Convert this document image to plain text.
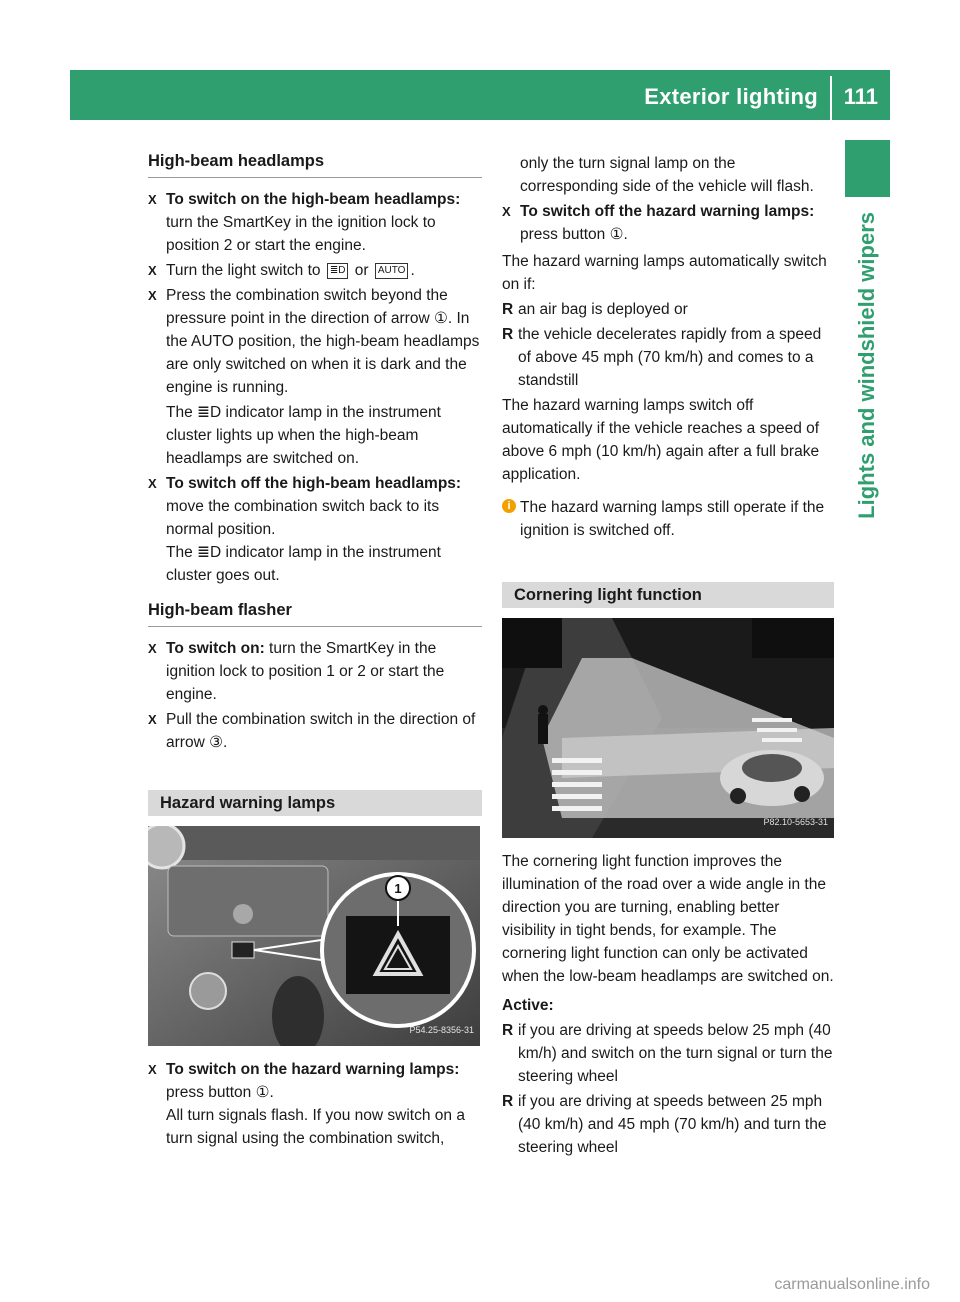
Exterior lighting 111
Lights and windshield wipers
High-beam headlamps
X To switch on the high-beam headlamps: turn the SmartKey in the ignition lock to position 2 or start the engine.
X Turn the light switch to ≣D or AUTO .
X Press the combination switch beyond the pressure point in the direction of arrow ①. In the AUTO position, the high-beam headlamps are only switched on when it is dark and the engine is running.

The ≣D indicator lamp in the instrument cluster lights up when the high-beam headlamps are switched on.

X To switch off the high-beam headlamps: move the combination switch back to its normal position.

The ≣D indicator lamp in the instrument cluster goes out.

High-beam flasher
X To switch on: turn the SmartKey in the ignition lock to position 1 or 2 or start the engine.
X Pull the combination switch in the direction of arrow ③.
Hazard warning lamps
1
P54.25-8356-31
X To switch on the hazard warning lamps:

press button ①.

All turn signals flash. If you now switch on a turn signal using the combination switch,

only the turn signal lamp on the corresponding side of the vehicle will flash.

X To switch off the hazard warning lamps:

press button ①.

The hazard warning lamps automatically switch on if:

R an air bag is deployed or
R the vehicle decelerates rapidly from a speed of above 45 mph (70 km/h) and comes to a standstill

The hazard warning lamps switch off automatically if the vehicle reaches a speed of above 6 mph (10 km/h) again after a full brake application.

i The hazard warning lamps still operate if the ignition is switched off.
Cornering light function
P82.10-5653-31

The cornering light function improves the illumination of the road over a wide angle in the direction you are turning, enabling better visibility in tight bends, for example. The cornering light function can only be activated when the low-beam headlamps are switched on.

Active:

R if you are driving at speeds below 25 mph (40 km/h) and switch on the turn signal or turn the steering wheel
R if you are driving at speeds between 25 mph (40 km/h) and 45 mph (70 km/h) and turn the steering wheel
carmanualsonline.info
